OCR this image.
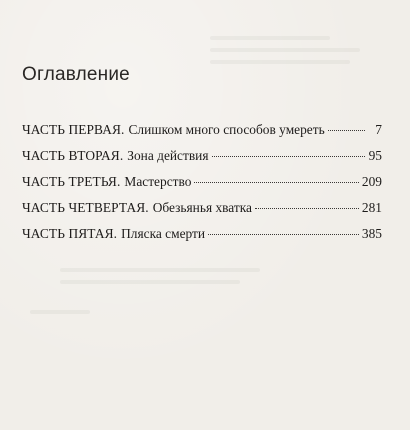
Оглавление
ЧАСТЬ ПЕРВАЯ. Слишком много способов умереть	7
ЧАСТЬ ВТОРАЯ. Зона действия	95
ЧАСТЬ ТРЕТЬЯ. Мастерство	209
ЧАСТЬ ЧЕТВЕРТАЯ. Обезьянья хватка	281
ЧАСТЬ ПЯТАЯ. Пляска смерти	385
